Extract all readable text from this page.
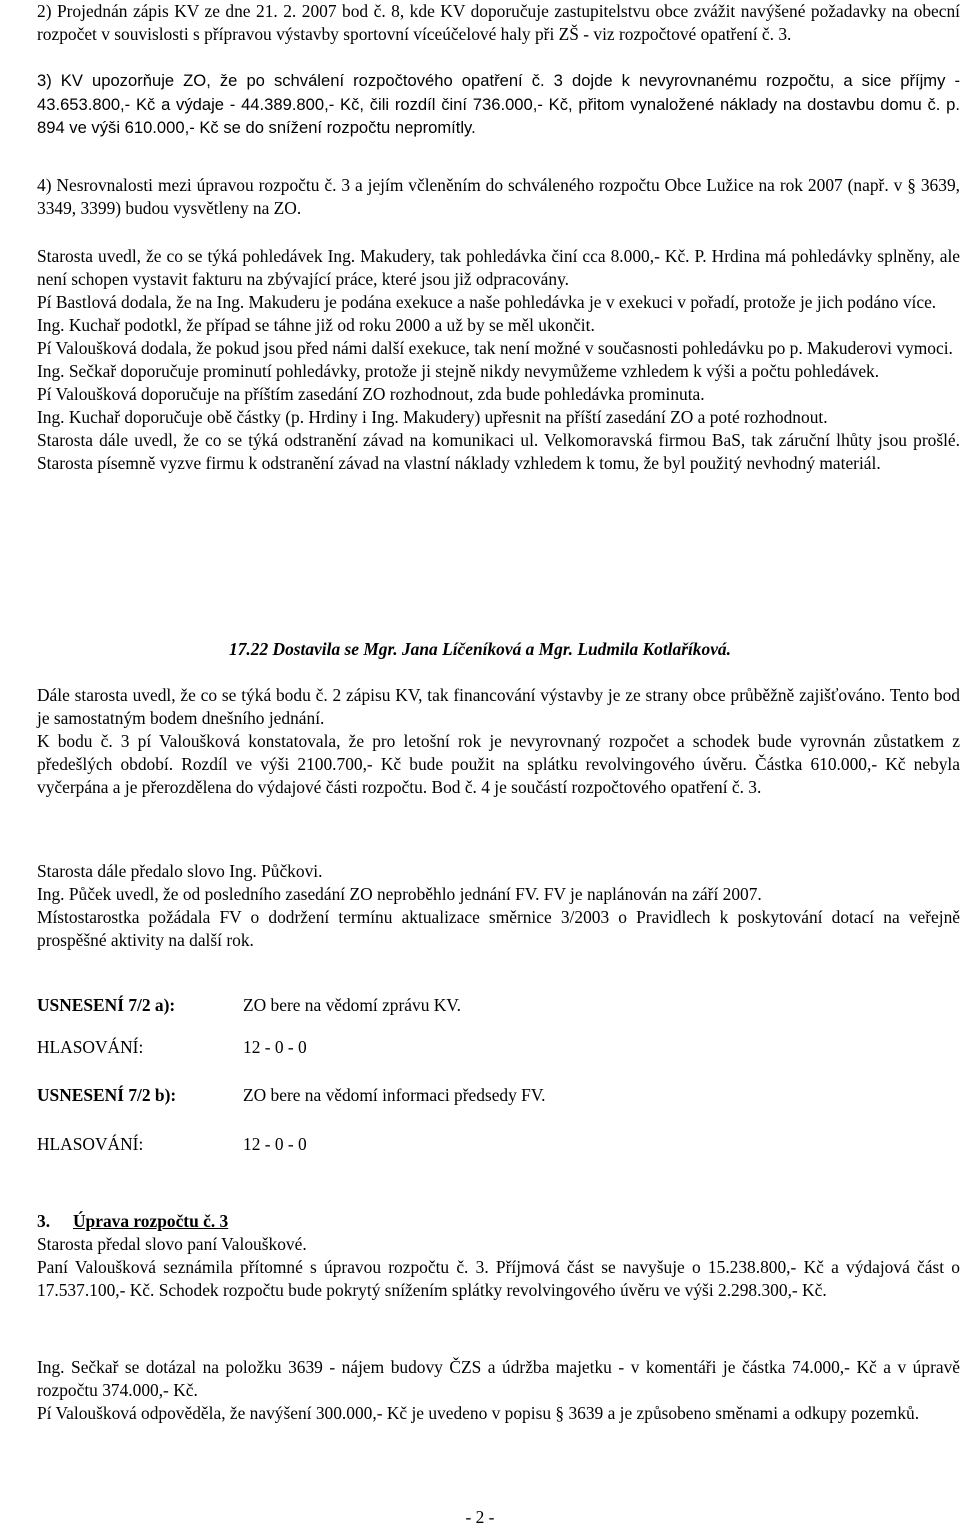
2) Projednán zápis KV ze dne 21. 2. 2007 bod č. 8, kde KV doporučuje zastupitelstvu obce zvážit navýšené požadavky na obecní rozpočet v souvislosti s přípravou výstavby sportovní víceúčelové haly při ZŠ - viz rozpočtové opatření č. 3.

3) KV upozorňuje ZO, že po schválení rozpočtového opatření č. 3 dojde k nevyrovnanému rozpočtu, a sice příjmy - 43.653.800,- Kč a výdaje - 44.389.800,- Kč, čili rozdíl činí 736.000,- Kč, přitom vynaložené náklady na dostavbu domu č. p. 894 ve výši 610.000,- Kč se do snížení rozpočtu nepromítly.

4) Nesrovnalosti mezi úpravou rozpočtu č. 3 a jejím včleněním do schváleného rozpočtu Obce Lužice na rok 2007 (např. v § 3639, 3349, 3399) budou vysvětleny na ZO.

Starosta uvedl, že co se týká pohledávek Ing. Makudery, tak pohledávka činí cca 8.000,- Kč. P. Hrdina má pohledávky splněny, ale není schopen vystavit fakturu na zbývající práce, které jsou již odpracovány.

Pí Bastlová dodala, že na Ing. Makuderu je podána exekuce a naše pohledávka je v exekuci v pořadí, protože je jich podáno více.

Ing. Kuchař podotkl, že případ se táhne již od roku 2000 a už by se měl ukončit.

Pí Valoušková dodala, že pokud jsou před námi další exekuce, tak není možné v současnosti pohledávku po p. Makuderovi vymoci.

Ing. Sečkař doporučuje prominutí pohledávky, protože ji stejně nikdy nevymůžeme vzhledem k výši a počtu pohledávek.

Pí Valoušková doporučuje na příštím zasedání ZO rozhodnout, zda bude pohledávka prominuta.

Ing. Kuchař doporučuje obě částky (p. Hrdiny i Ing. Makudery) upřesnit na příští zasedání ZO a poté rozhodnout.

Starosta dále uvedl, že co se týká odstranění závad na komunikaci ul. Velkomoravská firmou BaS, tak záruční lhůty jsou prošlé. Starosta písemně vyzve firmu k odstranění závad na vlastní náklady vzhledem k tomu, že byl použitý nevhodný materiál.

17.22 Dostavila se Mgr. Jana Líčeníková a Mgr. Ludmila Kotlaříková.

Dále starosta uvedl, že co se týká bodu č. 2 zápisu KV, tak financování výstavby je ze strany obce průběžně zajišťováno. Tento bod je samostatným bodem dnešního jednání.

K bodu č. 3 pí Valoušková konstatovala, že pro letošní rok je nevyrovnaný rozpočet a schodek bude vyrovnán zůstatkem z předešlých období. Rozdíl ve výši 2100.700,- Kč bude použit na splátku revolvingového úvěru. Částka 610.000,- Kč nebyla vyčerpána a je přerozdělena do výdajové části rozpočtu. Bod č. 4 je součástí rozpočtového opatření č. 3.

Starosta dále předalo slovo Ing. Půčkovi.

Ing. Půček uvedl, že od posledního zasedání ZO neproběhlo jednání FV. FV je naplánován na září 2007.

Místostarostka požádala FV o dodržení termínu aktualizace směrnice 3/2003 o Pravidlech k poskytování dotací na veřejně prospěšné aktivity na další rok.

USNESENÍ 7/2 a):	ZO bere na vědomí zprávu KV.
HLASOVÁNÍ:	12 - 0 - 0
USNESENÍ 7/2 b):	ZO bere na vědomí informaci předsedy FV.
HLASOVÁNÍ:	12 - 0 - 0
3. Úprava rozpočtu č. 3

Starosta předal slovo paní Valouškové.

Paní Valoušková seznámila přítomné s úpravou rozpočtu č. 3. Příjmová část se navyšuje o 15.238.800,- Kč a výdajová část o 17.537.100,- Kč. Schodek rozpočtu bude pokrytý snížením splátky revolvingového úvěru ve výši 2.298.300,- Kč.

Ing. Sečkař se dotázal na položku 3639 - nájem budovy ČZS a údržba majetku - v komentáři je částka 74.000,- Kč a v úpravě rozpočtu 374.000,- Kč.

Pí Valoušková odpověděla, že navýšení 300.000,- Kč je uvedeno v popisu § 3639 a je způsobeno směnami a odkupy pozemků.

- 2 -
